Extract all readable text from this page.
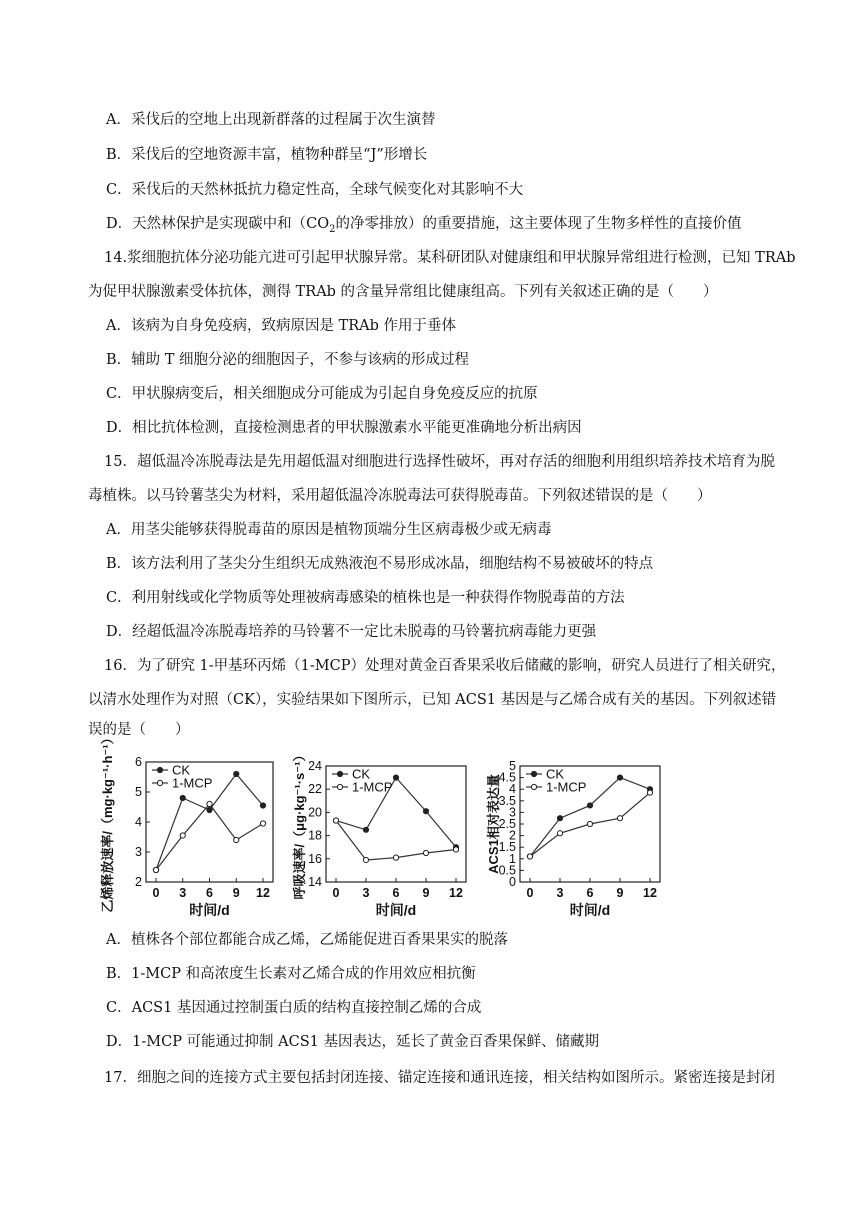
A．采伐后的空地上出现新群落的过程属于次生演替
B．采伐后的空地资源丰富，植物种群呈“J”形增长
C．采伐后的天然林抵抗力稳定性高，全球气候变化对其影响不大
D．天然林保护是实现碳中和（$CO_2$的净零排放）的重要措施，这主要体现了生物多样性的直接价值
14.浆细胞抗体分泌功能亢进可引起甲状腺异常。某科研团队对健康组和甲状腺异常组进行检测，已知 TRAb
为促甲状腺激素受体抗体，测得 TRAb 的含量异常组比健康组高。下列有关叙述正确的是（　　）
A．该病为自身免疫病，致病原因是 TRAb 作用于垂体
B．辅助 T 细胞分泌的细胞因子，不参与该病的形成过程
C．甲状腺病变后，相关细胞成分可能成为引起自身免疫反应的抗原
D．相比抗体检测，直接检测患者的甲状腺激素水平能更准确地分析出病因
15．超低温冷冻脱毒法是先用超低温对细胞进行选择性破坏，再对存活的细胞利用组织培养技术培育为脱
毒植株。以马铃薯茎尖为材料，采用超低温冷冻脱毒法可获得脱毒苗。下列叙述错误的是（　　）
A．用茎尖能够获得脱毒苗的原因是植物顶端分生区病毒极少或无病毒
B．该方法利用了茎尖分生组织无成熟液泡不易形成冰晶，细胞结构不易被破坏的特点
C．利用射线或化学物质等处理被病毒感染的植株也是一种获得作物脱毒苗的方法
D．经超低温冷冻脱毒培养的马铃薯不一定比未脱毒的马铃薯抗病毒能力更强
16．为了研究 1-甲基环丙烯（1-MCP）处理对黄金百香果采收后储藏的影响，研究人员进行了相关研究，
以清水处理作为对照（CK），实验结果如下图所示，已知 ACS1 基因是与乙烯合成有关的基因。下列叙述错
误的是（　　）
2
3
4
5
6
0 3 6 9 12
时间/d
乙烯释放速率/（mg·kg⁻¹·h⁻¹）	CK
1-MCP
14
16
18
20
22
24
0 3 6 9 12
时间/d
呼吸速率/（μg·kg⁻¹·s⁻¹）	CK
1-MCP
0
0.5
1
1.5
2
2.5
3
3.5
4
4.5
5
0 3 6 9 12
时间/d
ACS1相对表达量
CK
1-MCP
A．植株各个部位都能合成乙烯，乙烯能促进百香果果实的脱落
B．1-MCP 和高浓度生长素对乙烯合成的作用效应相抗衡
C．ACS1 基因通过控制蛋白质的结构直接控制乙烯的合成
D．1-MCP 可能通过抑制 ACS1 基因表达，延长了黄金百香果保鲜、储藏期
17．细胞之间的连接方式主要包括封闭连接、锚定连接和通讯连接，相关结构如图所示。紧密连接是封闭
